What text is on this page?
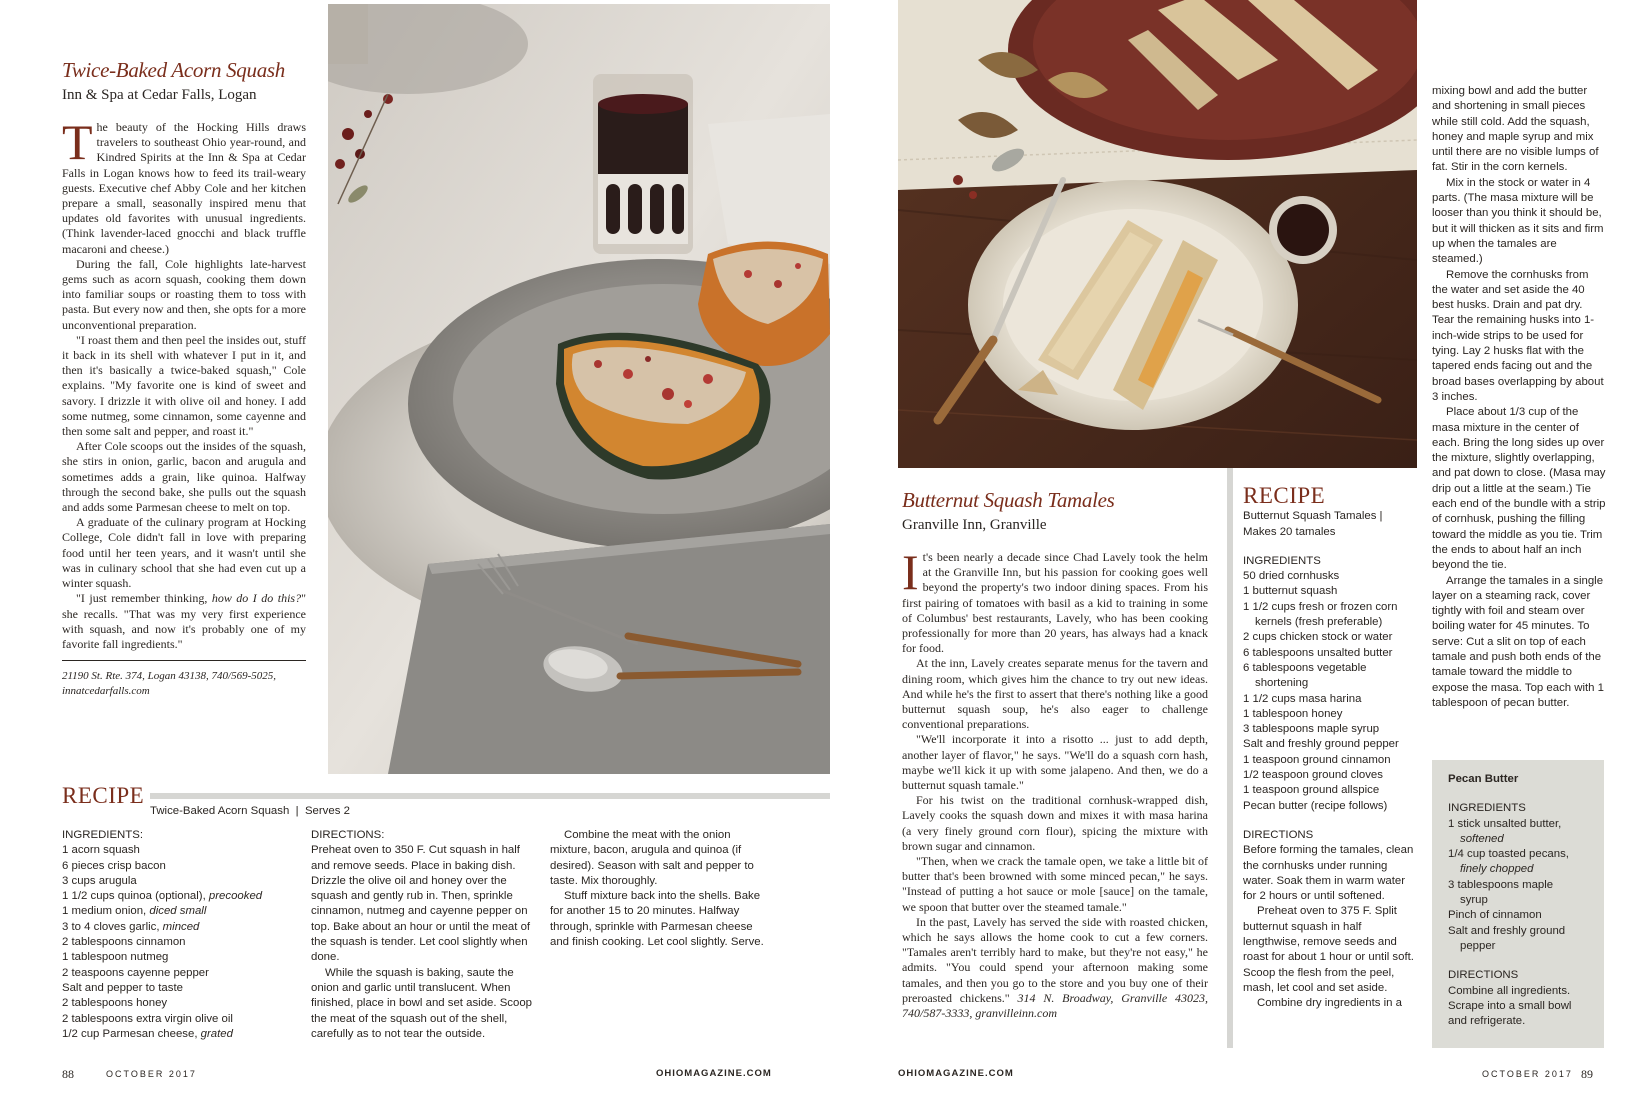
Twice-Baked Acorn Squash
Inn & Spa at Cedar Falls, Logan

The beauty of the Hocking Hills draws travelers to southeast Ohio year-round, and Kindred Spirits at the Inn & Spa at Cedar Falls in Logan knows how to feed its trail-weary guests. Executive chef Abby Cole and her kitchen prepare a small, seasonally inspired menu that updates old favorites with unusual ingredients. (Think lavender-laced gnocchi and black truffle macaroni and cheese.)

During the fall, Cole highlights late-harvest gems such as acorn squash, cooking them down into familiar soups or roasting them to toss with pasta. But every now and then, she opts for a more unconventional preparation.

"I roast them and then peel the insides out, stuff it back in its shell with whatever I put in it, and then it's basically a twice-baked squash," Cole explains. "My favorite one is kind of sweet and savory. I drizzle it with olive oil and honey. I add some nutmeg, some cinnamon, some cayenne and then some salt and pepper, and roast it."

After Cole scoops out the insides of the squash, she stirs in onion, garlic, bacon and arugula and sometimes adds a grain, like quinoa. Halfway through the second bake, she pulls out the squash and adds some Parmesan cheese to melt on top.

A graduate of the culinary program at Hocking College, Cole didn't fall in love with preparing food until her teen years, and it wasn't until she was in culinary school that she had even cut up a winter squash.

"I just remember thinking, how do I do this?" she recalls. "That was my very first experience with squash, and now it's probably one of my favorite fall ingredients."

21190 St. Rte. 374, Logan 43138, 740/569-5025,
innatcedarfalls.com
RECIPE
Twice-Baked Acorn Squash | Serves 2
INGREDIENTS:
1 acorn squash
6 pieces crisp bacon
3 cups arugula
1 1/2 cups quinoa (optional), precooked
1 medium onion, diced small
3 to 4 cloves garlic, minced
2 tablespoons cinnamon
1 tablespoon nutmeg
2 teaspoons cayenne pepper
Salt and pepper to taste
2 tablespoons honey
2 tablespoons extra virgin olive oil
1/2 cup Parmesan cheese, grated
DIRECTIONS:
Preheat oven to 350 F. Cut squash in half and remove seeds. Place in baking dish. Drizzle the olive oil and honey over the squash and gently rub in. Then, sprinkle cinnamon, nutmeg and cayenne pepper on top. Bake about an hour or until the meat of the squash is tender. Let cool slightly when done.
While the squash is baking, saute the onion and garlic until translucent. When finished, place in bowl and set aside. Scoop the meat of the squash out of the shell, carefully as to not tear the outside.
Combine the meat with the onion mixture, bacon, arugula and quinoa (if desired). Season with salt and pepper to taste. Mix thoroughly.
Stuff mixture back into the shells. Bake for another 15 to 20 minutes. Halfway through, sprinkle with Parmesan cheese and finish cooking. Let cool slightly. Serve.
88	OCTOBER 2017	OHIOMAGAZINE.COM
Butternut Squash Tamales
Granville Inn, Granville

It's been nearly a decade since Chad Lavely took the helm at the Granville Inn, but his passion for cooking goes well beyond the property's two indoor dining spaces. From his first pairing of tomatoes with basil as a kid to training in some of Columbus' best restaurants, Lavely, who has been cooking professionally for more than 20 years, has always had a knack for food.

At the inn, Lavely creates separate menus for the tavern and dining room, which gives him the chance to try out new ideas. And while he's the first to assert that there's nothing like a good butternut squash soup, he's also eager to challenge conventional preparations.

"We'll incorporate it into a risotto ... just to add depth, another layer of flavor," he says. "We'll do a squash corn hash, maybe we'll kick it up with some jalapeno. And then, we do a butternut squash tamale."

For his twist on the traditional cornhusk-wrapped dish, Lavely cooks the squash down and mixes it with masa harina (a very finely ground corn flour), spicing the mixture with brown sugar and cinnamon.

"Then, when we crack the tamale open, we take a little bit of butter that's been browned with some minced pecan," he says. "Instead of putting a hot sauce or mole [sauce] on the tamale, we spoon that butter over the steamed tamale."

In the past, Lavely has served the side with roasted chicken, which he says allows the home cook to cut a few corners. "Tamales aren't terribly hard to make, but they're not easy," he admits. "You could spend your afternoon making some tamales, and then you go to the store and you buy one of their preroasted chickens." 314 N. Broadway, Granville 43023, 740/587-3333, granvilleinn.com

RECIPE
Butternut Squash Tamales |
Makes 20 tamales
INGREDIENTS
50 dried cornhusks
1 butternut squash
1 1/2 cups fresh or frozen corn
kernels (fresh preferable)
2 cups chicken stock or water
6 tablespoons unsalted butter
6 tablespoons vegetable
shortening
1 1/2 cups masa harina
1 tablespoon honey
3 tablespoons maple syrup
Salt and freshly ground pepper
1 teaspoon ground cinnamon
1/2 teaspoon ground cloves
1 teaspoon ground allspice
Pecan butter (recipe follows)
DIRECTIONS
Before forming the tamales, clean the cornhusks under running water. Soak them in warm water for 2 hours or until softened.
Preheat oven to 375 F. Split butternut squash in half lengthwise, remove seeds and roast for about 1 hour or until soft. Scoop the flesh from the peel, mash, let cool and set aside.
Combine dry ingredients in a
mixing bowl and add the butter and shortening in small pieces while still cold. Add the squash, honey and maple syrup and mix until there are no visible lumps of fat. Stir in the corn kernels.
Mix in the stock or water in 4 parts. (The masa mixture will be looser than you think it should be, but it will thicken as it sits and firm up when the tamales are steamed.)
Remove the cornhusks from the water and set aside the 40 best husks. Drain and pat dry. Tear the remaining husks into 1-inch-wide strips to be used for tying. Lay 2 husks flat with the tapered ends facing out and the broad bases overlapping by about 3 inches.
Place about 1/3 cup of the masa mixture in the center of each. Bring the long sides up over the mixture, slightly overlapping, and pat down to close. (Masa may drip out a little at the seam.) Tie each end of the bundle with a strip of cornhusk, pushing the filling toward the middle as you tie. Trim the ends to about half an inch beyond the tie.
Arrange the tamales in a single layer on a steaming rack, cover tightly with foil and steam over boiling water for 45 minutes. To serve: Cut a slit on top of each tamale and push both ends of the tamale toward the middle to expose the masa. Top each with 1 tablespoon of pecan butter.
Pecan Butter
INGREDIENTS
1 stick unsalted butter,
softened
1/4 cup toasted pecans,
finely chopped
3 tablespoons maple
syrup
Pinch of cinnamon
Salt and freshly ground
pepper
DIRECTIONS
Combine all ingredients. Scrape into a small bowl and refrigerate.
OHIOMAGAZINE.COM	OCTOBER 2017 89
